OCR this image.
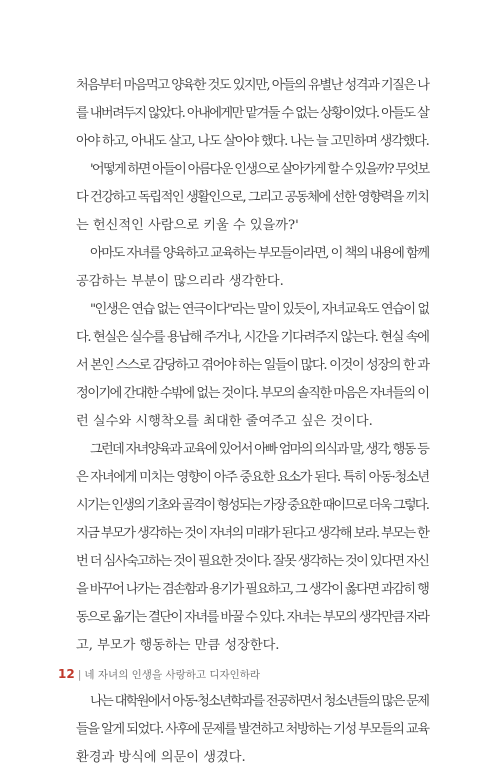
처음부터 마음먹고 양육한 것도 있지만, 아들의 유별난 성격과 기질은 나
를 내버려두지 않았다. 아내에게만 맡겨둘 수 없는 상황이었다. 아들도 살
아야 하고, 아내도 살고, 나도 살아야 했다. 나는 늘 고민하며 생각했다.
'어떻게 하면 아들이 아름다운 인생으로 살아가게 할 수 있을까? 무엇보
다 건강하고 독립적인 생활인으로, 그리고 공동체에 선한 영향력을 끼치
는 헌신적인 사람으로 키울 수 있을까?'
아마도 자녀를 양육하고 교육하는 부모들이라면, 이 책의 내용에 함께
공감하는 부분이 많으리라 생각한다.
"인생은 연습 없는 연극이다"라는 말이 있듯이, 자녀교육도 연습이 없
다. 현실은 실수를 용납해 주거나, 시간을 기다려주지 않는다. 현실 속에
서 본인 스스로 감당하고 겪어야 하는 일들이 많다. 이것이 성장의 한 과
정이기에 간대한 수밖에 없는 것이다. 부모의 솔직한 마음은 자녀들의 이
런 실수와 시행착오를 최대한 줄여주고 싶은 것이다.
그런데 자녀양육과 교육에 있어서 아빠 엄마의 의식과 말, 생각, 행동 등
은 자녀에게 미치는 영향이 아주 중요한 요소가 된다. 특히 아동·청소년
시기는 인생의 기초와 골격이 형성되는 가장 중요한 때이므로 더욱 그렇다.
지금 부모가 생각하는 것이 자녀의 미래가 된다고 생각해 보라. 부모는 한
번 더 심사숙고하는 것이 필요한 것이다. 잘못 생각하는 것이 있다면 자신
을 바꾸어 나가는 겸손함과 용기가 필요하고, 그 생각이 옳다면 과감히 행
동으로 옮기는 결단이 자녀를 바꿀 수 있다. 자녀는 부모의 생각만큼 자라
고, 부모가 행동하는 만큼 성장한다.
나는 대학원에서 아동·청소년학과를 전공하면서 청소년들의 많은 문제
들을 알게 되었다. 사후에 문제를 발견하고 처방하는 기성 부모들의 교육
환경과 방식에 의문이 생겼다.
12 | 네 자녀의 인생을 사랑하고 디자인하라
